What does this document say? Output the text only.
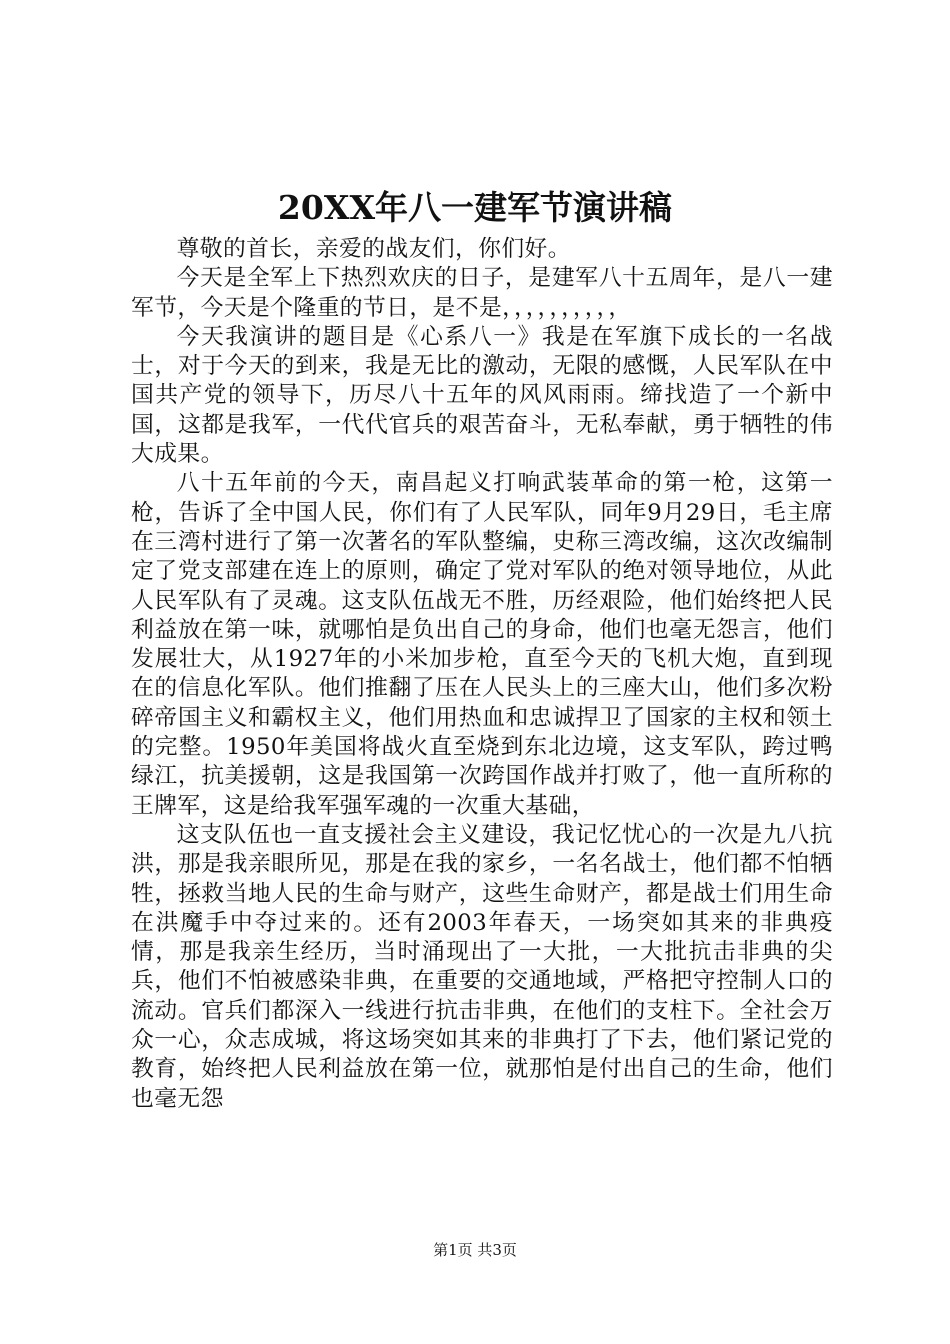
20XX年八一建军节演讲稿

尊敬的首长，亲爱的战友们，你们好。

今天是全军上下热烈欢庆的日子，是建军八十五周年，是八一建军节，今天是个隆重的节日，是不是，，，，，，，，，，

今天我演讲的题目是《心系八一》我是在军旗下成长的一名战士，对于今天的到来，我是无比的激动，无限的感慨，人民军队在中国共产党的领导下，历尽八十五年的风风雨雨。缔找造了一个新中国，这都是我军，一代代官兵的艰苦奋斗，无私奉献，勇于牺牲的伟大成果。

八十五年前的今天，南昌起义打响武装革命的第一枪，这第一枪，告诉了全中国人民，你们有了人民军队，同年9月29日，毛主席在三湾村进行了第一次著名的军队整编，史称三湾改编，这次改编制定了党支部建在连上的原则，确定了党对军队的绝对领导地位，从此人民军队有了灵魂。这支队伍战无不胜，历经艰险，他们始终把人民利益放在第一味，就哪怕是负出自己的身命，他们也毫无怨言，他们发展壮大，从1927年的小米加步枪，直至今天的飞机大炮，直到现在的信息化军队。他们推翻了压在人民头上的三座大山，他们多次粉碎帝国主义和霸权主义，他们用热血和忠诚捍卫了国家的主权和领土的完整。1950年美国将战火直至烧到东北边境，这支军队，跨过鸭绿江，抗美援朝，这是我国第一次跨国作战并打败了，他一直所称的王牌军，这是给我军强军魂的一次重大基础，

这支队伍也一直支援社会主义建设，我记忆忧心的一次是九八抗洪，那是我亲眼所见，那是在我的家乡，一名名战士，他们都不怕牺牲，拯救当地人民的生命与财产，这些生命财产，都是战士们用生命在洪魔手中夺过来的。还有2003年春天，一场突如其来的非典疫情，那是我亲生经历，当时涌现出了一大批，一大批抗击非典的尖兵，他们不怕被感染非典，在重要的交通地域，严格把守控制人口的流动。官兵们都深入一线进行抗击非典，在他们的支柱下。全社会万众一心，众志成城，将这场突如其来的非典打了下去，他们紧记党的教育，始终把人民利益放在第一位，就那怕是付出自己的生命，他们也毫无怨

第1页 共3页
